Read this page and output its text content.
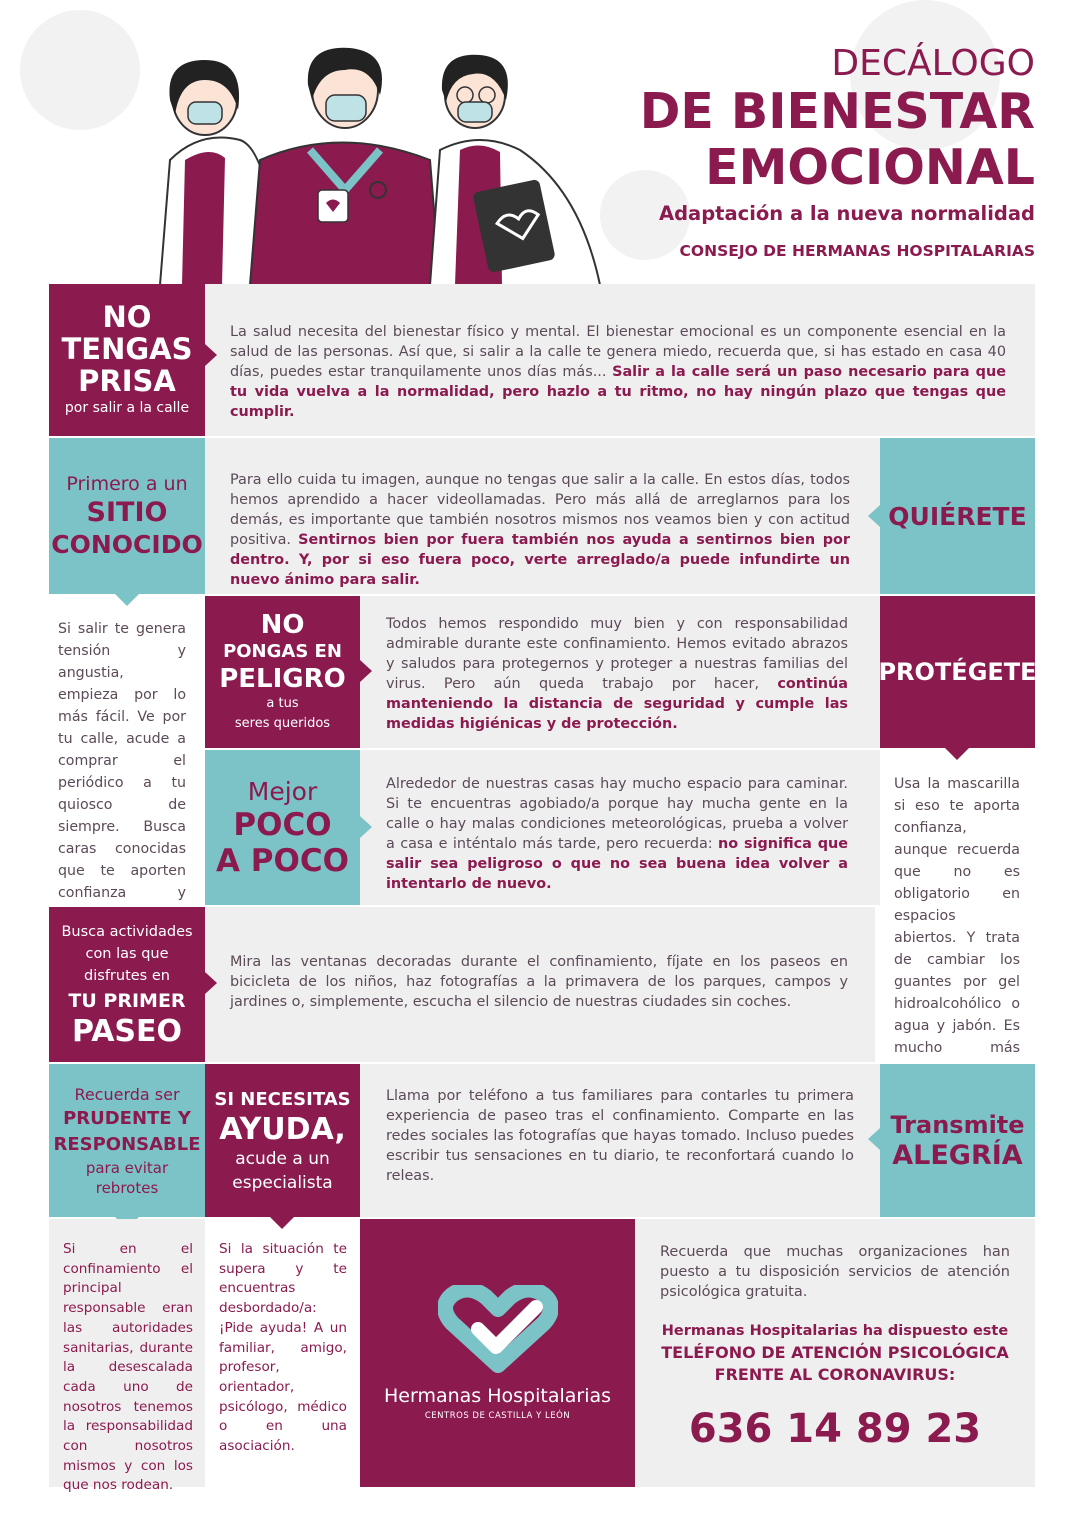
DECÁLOGO
DE BIENESTAR
EMOCIONAL
Adaptación a la nueva normalidad
CONSEJO DE HERMANAS HOSPITALARIAS
NO
TENGAS
PRISA
por salir a la calle
La salud necesita del bienestar físico y mental. El bienestar emocional es un componente esencial en la salud de las personas. Así que, si salir a la calle te genera miedo, recuerda que, si has estado en casa 40 días, puedes estar tranquilamente unos días más... Salir a la calle será un paso necesario para que tu vida vuelva a la normalidad, pero hazlo a tu ritmo, no hay ningún plazo que tengas que cumplir.
Primero a un
SITIO
CONOCIDO
Para ello cuida tu imagen, aunque no tengas que salir a la calle. En estos días, todos hemos aprendido a hacer videollamadas. Pero más allá de arreglarnos para los demás, es importante que también nosotros mismos nos veamos bien y con actitud positiva. Sentirnos bien por fuera también nos ayuda a sentirnos bien por dentro. Y, por si eso fuera poco, verte arreglado/a puede infundirte un nuevo ánimo para salir.
QUIÉRETE
Si salir te genera tensión y angustia, empieza por lo más fácil. Ve por tu calle, acude a comprar el periódico a tu quiosco de siempre. Busca caras conocidas que te aporten confianza y
NO
PONGAS EN
PELIGRO
a tus
seres queridos
Todos hemos respondido muy bien y con responsabilidad admirable durante este confinamiento. Hemos evitado abrazos y saludos para protegernos y proteger a nuestras familias del virus. Pero aún queda trabajo por hacer, continúa manteniendo la distancia de seguridad y cumple las medidas higiénicas y de protección.
PROTÉGETE
Mejor
POCO
A POCO
Alrededor de nuestras casas hay mucho espacio para caminar. Si te encuentras agobiado/a porque hay mucha gente en la calle o hay malas condiciones meteorológicas, prueba a volver a casa e inténtalo más tarde, pero recuerda: no significa que salir sea peligroso o que no sea buena idea volver a intentarlo de nuevo.
Usa la mascarilla si eso te aporta confianza, aunque recuerda que no es obligatorio en espacios abiertos. Y trata de cambiar los guantes por gel hidroalcohólico o agua y jabón. Es mucho más
Busca actividades
con las que
disfrutes en
TU PRIMER
PASEO
Mira las ventanas decoradas durante el confinamiento, fíjate en los paseos en bicicleta de los niños, haz fotografías a la primavera de los parques, campos y jardines o, simplemente, escucha el silencio de nuestras ciudades sin coches.
Recuerda ser
PRUDENTE Y
RESPONSABLE
para evitar
rebrotes
SI NECESITAS
AYUDA,
acude a un
especialista
Llama por teléfono a tus familiares para contarles tu primera experiencia de paseo tras el confinamiento. Comparte en las redes sociales las fotografías que hayas tomado. Incluso puedes escribir tus sensaciones en tu diario, te reconfortará cuando lo releas.
Transmite
ALEGRÍA
Si en el confinamiento el principal responsable eran las autoridades sanitarias, durante la desescalada cada uno de nosotros tenemos la responsabilidad con nosotros mismos y con los que nos rodean.
Si la situación te supera y te encuentras desbordado/a: ¡Pide ayuda! A un familiar, amigo, profesor, orientador, psicólogo, médico o en una asociación.
Hermanas Hospitalarias
CENTROS DE CASTILLA Y LEÓN
Recuerda que muchas organizaciones han puesto a tu disposición servicios de atención psicológica gratuita.
Hermanas Hospitalarias ha dispuesto este
TELÉFONO DE ATENCIÓN PSICOLÓGICA
FRENTE AL CORONAVIRUS:
636 14 89 23
